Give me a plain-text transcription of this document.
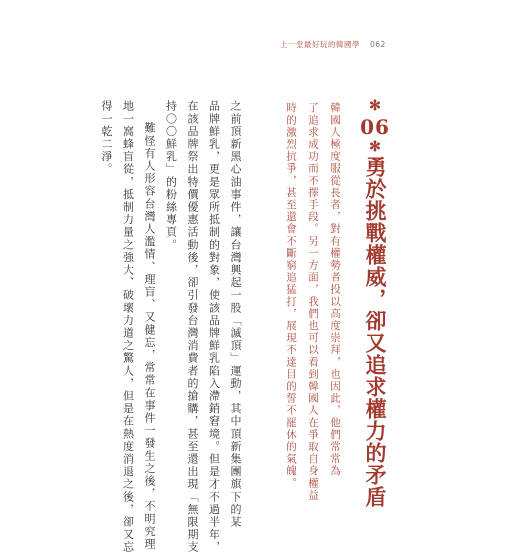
上一堂最好玩的韓國學 062
✻06✻勇於挑戰權威，卻又追求權力的矛盾
韓國人極度服從長者，對有權勢者投以高度崇拜，也因此，他們常常為
了追求成功而不擇手段。另一方面，我們也可以看到韓國人在爭取自身權益
時的激烈抗爭，甚至還會不斷窮追猛打，展現不達目的誓不罷休的氣魄。
之前頂新黑心油事件，讓台灣興起一股「滅頂」運動，其中頂新集團旗下的某
品牌鮮乳，更是眾所抵制的對象，使該品牌鮮乳陷入滯銷窘境。但是才不過半年，
在該品牌祭出特價優惠活動後，卻引發台灣消費者的搶購，甚至還出現「無限期支
持〇〇鮮乳」的粉絲專頁。
難怪有人形容台灣人濫情、理盲、又健忘，常常在事件一發生之後，不明究理
地一窩蜂盲從，抵制力量之強大、破壞力道之驚人，但是在熱度消退之後，卻又忘
得一乾二淨。
